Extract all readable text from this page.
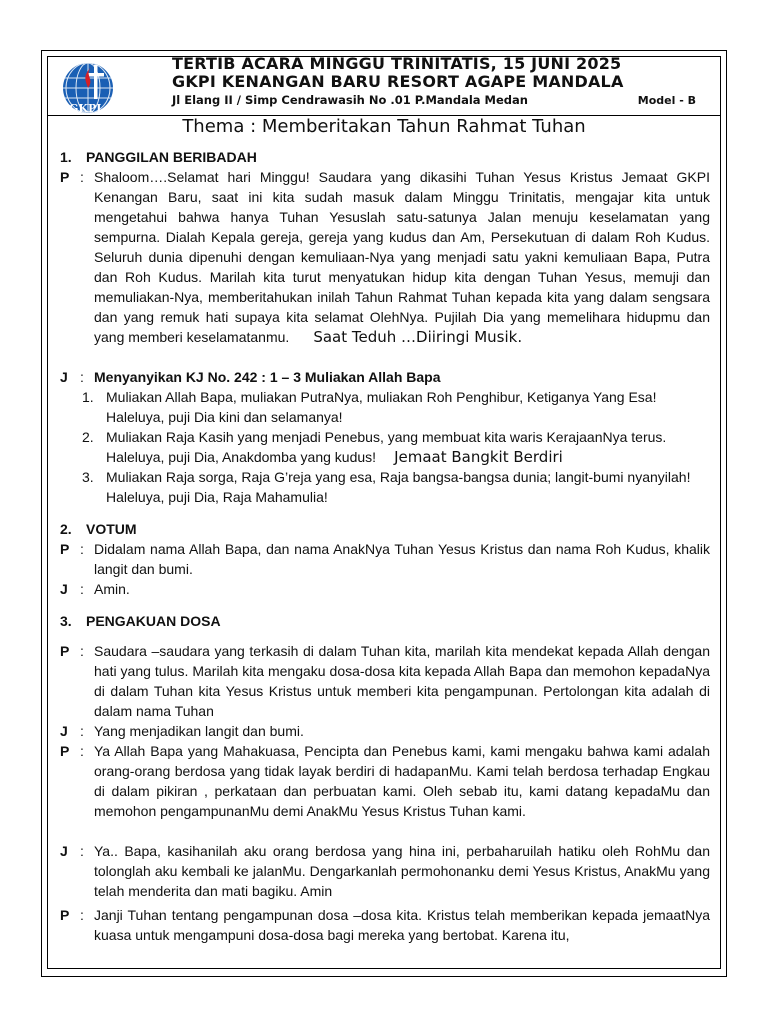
GKPI
TERTIB ACARA MINGGU TRINITATIS, 15 JUNI 2025
GKPI KENANGAN BARU RESORT AGAPE MANDALA
Jl Elang II / Simp Cendrawasih No .01 P.Mandala Medan	Model - B
Thema : Memberitakan Tahun Rahmat Tuhan
1. PANGGILAN BERIBADAH
P : Shaloom….Selamat hari Minggu! Saudara yang dikasihi Tuhan Yesus Kristus Jemaat GKPI Kenangan Baru, saat ini kita sudah masuk dalam Minggu Trinitatis, mengajar kita untuk mengetahui bahwa hanya Tuhan Yesuslah satu-satunya Jalan menuju keselamatan yang sempurna. Dialah Kepala gereja, gereja yang kudus dan Am, Persekutuan di dalam Roh Kudus. Seluruh dunia dipenuhi dengan kemuliaan-Nya yang menjadi satu yakni kemuliaan Bapa, Putra dan Roh Kudus. Marilah kita turut menyatukan hidup kita dengan Tuhan Yesus, memuji dan memuliakan-Nya, memberitahukan inilah Tahun Rahmat Tuhan kepada kita yang dalam sengsara dan yang remuk hati supaya kita selamat OlehNya. Pujilah Dia yang memelihara hidupmu dan yang memberi keselamatanmu. Saat Teduh …Diiringi Musik.
J : Menyanyikan KJ No. 242 : 1 – 3 Muliakan Allah Bapa
1. Muliakan Allah Bapa, muliakan PutraNya, muliakan Roh Penghibur, Ketiganya Yang Esa! Haleluya, puji Dia kini dan selamanya!
2. Muliakan Raja Kasih yang menjadi Penebus, yang membuat kita waris KerajaanNya terus. Haleluya, puji Dia, Anakdomba yang kudus! Jemaat Bangkit Berdiri
3. Muliakan Raja sorga, Raja G’reja yang esa, Raja bangsa-bangsa dunia; langit-bumi nyanyilah! Haleluya, puji Dia, Raja Mahamulia!
2. VOTUM
P : Didalam nama Allah Bapa, dan nama AnakNya Tuhan Yesus Kristus dan nama Roh Kudus, khalik langit dan bumi.
J : Amin.
3. PENGAKUAN DOSA
P : Saudara –saudara yang terkasih di dalam Tuhan kita, marilah kita mendekat kepada Allah dengan hati yang tulus. Marilah kita mengaku dosa-dosa kita kepada Allah Bapa dan memohon kepadaNya di dalam Tuhan kita Yesus Kristus untuk memberi kita pengampunan. Pertolongan kita adalah di dalam nama Tuhan
J : Yang menjadikan langit dan bumi.
P : Ya Allah Bapa yang Mahakuasa, Pencipta dan Penebus kami, kami mengaku bahwa kami adalah orang-orang berdosa yang tidak layak berdiri di hadapanMu. Kami telah berdosa terhadap Engkau di dalam pikiran , perkataan dan perbuatan kami. Oleh sebab itu, kami datang kepadaMu dan memohon pengampunanMu demi AnakMu Yesus Kristus Tuhan kami.
J : Ya.. Bapa, kasihanilah aku orang berdosa yang hina ini, perbaharuilah hatiku oleh RohMu dan tolonglah aku kembali ke jalanMu. Dengarkanlah permohonanku demi Yesus Kristus, AnakMu yang telah menderita dan mati bagiku. Amin
P : Janji Tuhan tentang pengampunan dosa –dosa kita. Kristus telah memberikan kepada jemaatNya kuasa untuk mengampuni dosa-dosa bagi mereka yang bertobat. Karena itu,
